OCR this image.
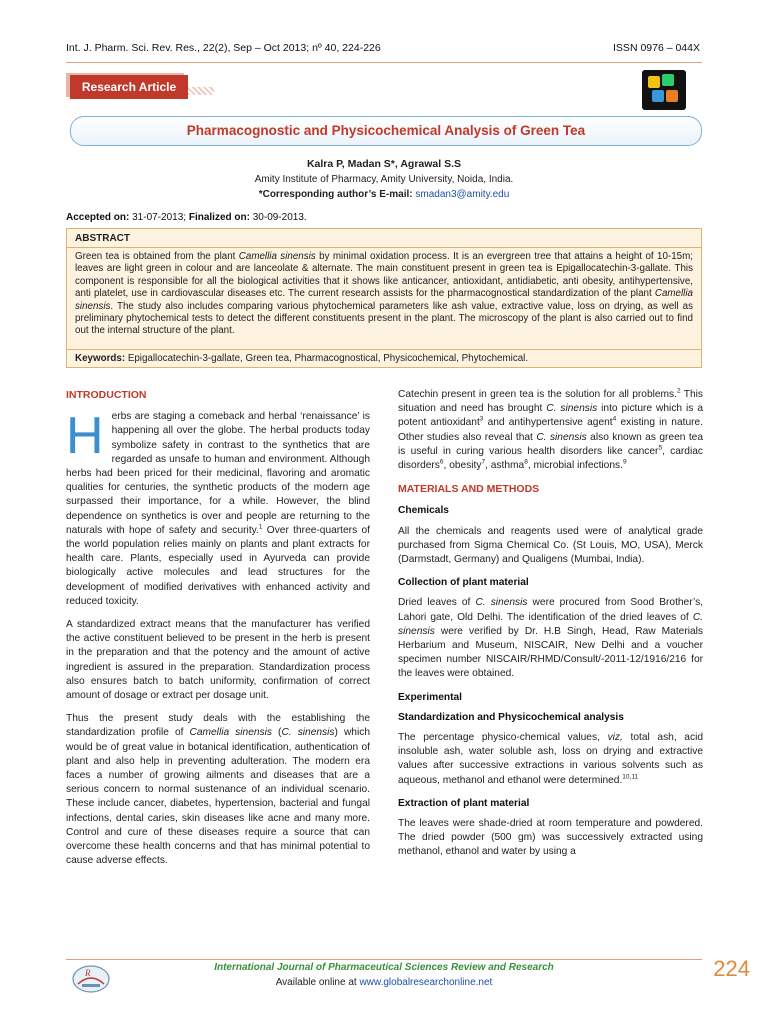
Int. J. Pharm. Sci. Rev. Res., 22(2), Sep – Oct 2013; nº 40, 224-226	ISSN 0976 – 044X
Research Article
Pharmacognostic and Physicochemical Analysis of Green Tea
Kalra P, Madan S*, Agrawal S.S
Amity Institute of Pharmacy, Amity University, Noida, India.
*Corresponding author’s E-mail: smadan3@amity.edu
Accepted on: 31-07-2013; Finalized on: 30-09-2013.
ABSTRACT
Green tea is obtained from the plant Camellia sinensis by minimal oxidation process. It is an evergreen tree that attains a height of 10-15m; leaves are light green in colour and are lanceolate & alternate. The main constituent present in green tea is Epigallocatechin-3-gallate. This component is responsible for all the biological activities that it shows like anticancer, antioxidant, antidiabetic, anti obesity, antihypertensive, anti platelet, use in cardiovascular diseases etc. The current research assists for the pharmacognostical standardization of the plant Camellia sinensis. The study also includes comparing various phytochemical parameters like ash value, extractive value, loss on drying, as well as preliminary phytochemical tests to detect the different constituents present in the plant. The microscopy of the plant is also carried out to find out the internal structure of the plant.
Keywords: Epigallocatechin-3-gallate, Green tea, Pharmacognostical, Physicochemical, Phytochemical.
INTRODUCTION

Herbs are staging a comeback and herbal ‘renaissance’ is happening all over the globe. The herbal products today symbolize safety in contrast to the synthetics that are regarded as unsafe to human and environment. Although herbs had been priced for their medicinal, flavoring and aromatic qualities for centuries, the synthetic products of the modern age surpassed their importance, for a while. However, the blind dependence on synthetics is over and people are returning to the naturals with hope of safety and security.$^1$ Over three-quarters of the world population relies mainly on plants and plant extracts for health care. Plants, especially used in Ayurveda can provide biologically active molecules and lead structures for the development of modified derivatives with enhanced activity and reduced toxicity.

A standardized extract means that the manufacturer has verified the active constituent believed to be present in the herb is present in the preparation and that the potency and the amount of active ingredient is assured in the preparation. Standardization process also ensures batch to batch uniformity, confirmation of correct amount of dosage or extract per dosage unit.

Thus the present study deals with the establishing the standardization profile of Camellia sinensis (C. sinensis) which would be of great value in botanical identification, authentication of plant and also help in preventing adulteration. The modern era faces a number of growing ailments and diseases that are a serious concern to normal sustenance of an individual scenario. These include cancer, diabetes, hypertension, bacterial and fungal infections, dental caries, skin diseases like acne and many more. Control and cure of these diseases require a source that can overcome these health concerns and that has minimal potential to cause adverse effects.

Catechin present in green tea is the solution for all problems.$^2$ This situation and need has brought C. sinensis into picture which is a potent antioxidant$^3$ and antihypertensive agent$^4$ existing in nature. Other studies also reveal that C. sinensis also known as green tea is useful in curing various health disorders like cancer$^5$, cardiac disorders$^6$, obesity$^7$, asthma$^8$, microbial infections.$^9$

MATERIALS AND METHODS
Chemicals

All the chemicals and reagents used were of analytical grade purchased from Sigma Chemical Co. (St Louis, MO, USA), Merck (Darmstadt, Germany) and Qualigens (Mumbai, India).

Collection of plant material

Dried leaves of C. sinensis were procured from Sood Brother’s, Lahori gate, Old Delhi. The identification of the dried leaves of C. sinensis were verified by Dr. H.B Singh, Head, Raw Materials Herbarium and Museum, NISCAIR, New Delhi and a voucher specimen number NISCAIR/RHMD/Consult/-2011-12/1916/216 for the leaves were obtained.

Experimental
Standardization and Physicochemical analysis

The percentage physico-chemical values, viz, total ash, acid insoluble ash, water soluble ash, loss on drying and extractive values after successive extractions in various solvents such as aqueous, methanol and ethanol were determined.$^{10,11}$

Extraction of plant material

The leaves were shade-dried at room temperature and powdered. The dried powder (500 gm) was successively extracted using methanol, ethanol and water by using a

R	International Journal of Pharmaceutical Sciences Review and Research
Available online at www.globalresearchonline.net
224
